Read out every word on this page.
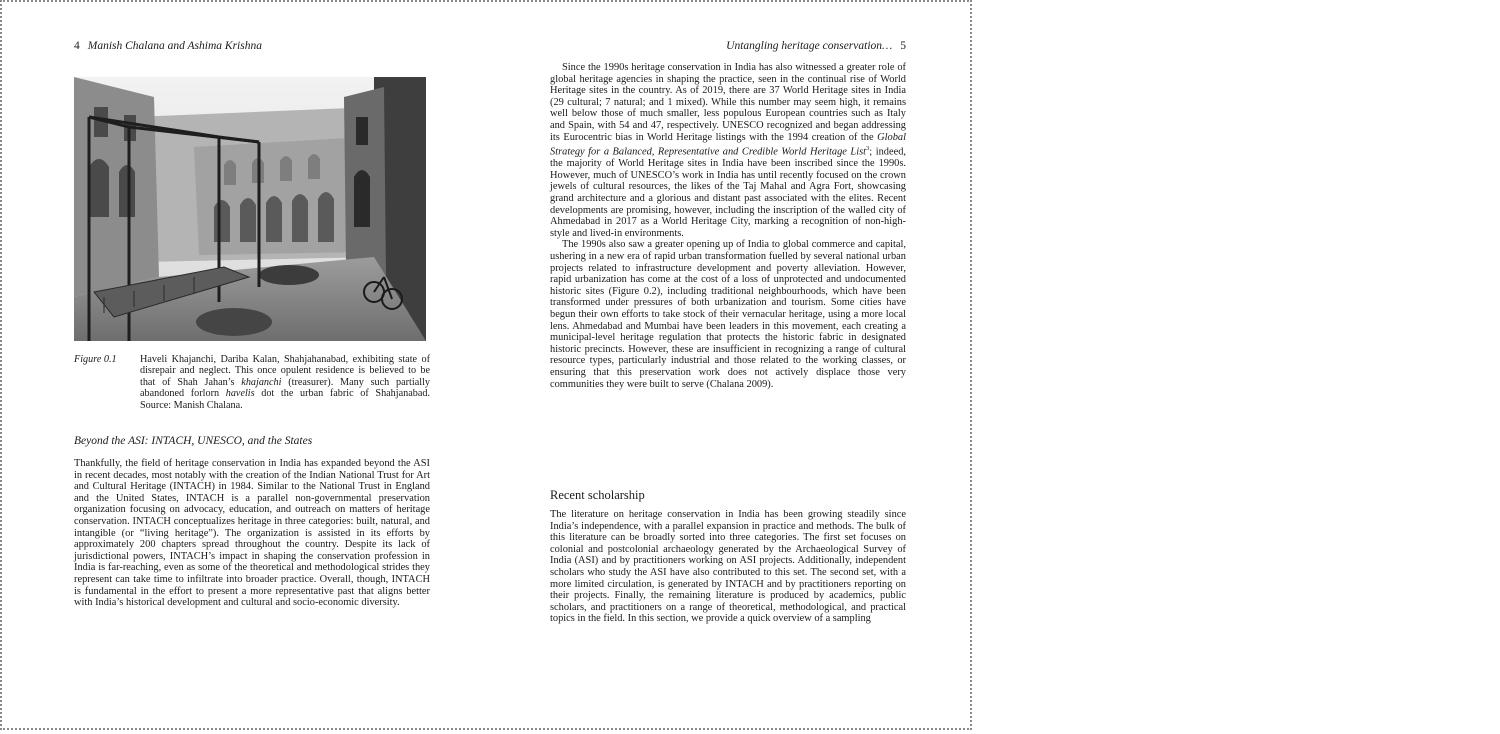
4 Manish Chalana and Ashima Krishna
Figure 0.1	Haveli Khajanchi, Dariba Kalan, Shahjahanabad, exhibiting state of disrepair and neglect. This once opulent residence is believed to be that of Shah Jahan’s khajanchi (treasurer). Many such partially abandoned forlorn havelis dot the urban fabric of Shahjanabad. Source: Manish Chalana.
Beyond the ASI: INTACH, UNESCO, and the States

Thankfully, the field of heritage conservation in India has expanded beyond the ASI in recent decades, most notably with the creation of the Indian National Trust for Art and Cultural Heritage (INTACH) in 1984. Similar to the National Trust in England and the United States, INTACH is a parallel non-governmental preservation organization focusing on advocacy, education, and outreach on matters of heritage conservation. INTACH conceptualizes heritage in three categories: built, natural, and intangible (or “living heritage”). The organization is assisted in its efforts by approximately 200 chapters spread throughout the country. Despite its lack of jurisdictional powers, INTACH’s impact in shaping the conservation profession in India is far-reaching, even as some of the theoretical and methodological strides they represent can take time to infiltrate into broader practice. Overall, though, INTACH is fundamental in the effort to present a more representative past that aligns better with India’s historical development and cultural and socio-economic diversity.

Untangling heritage conservation… 5

Since the 1990s heritage conservation in India has also witnessed a greater role of global heritage agencies in shaping the practice, seen in the continual rise of World Heritage sites in the country. As of 2019, there are 37 World Heritage sites in India (29 cultural; 7 natural; and 1 mixed). While this number may seem high, it remains well below those of much smaller, less populous European countries such as Italy and Spain, with 54 and 47, respectively. UNESCO recognized and began addressing its Eurocentric bias in World Heritage listings with the 1994 creation of the Global Strategy for a Balanced, Representative and Credible World Heritage List$^3$; indeed, the majority of World Heritage sites in India have been inscribed since the 1990s. However, much of UNESCO’s work in India has until recently focused on the crown jewels of cultural resources, the likes of the Taj Mahal and Agra Fort, showcasing grand architecture and a glorious and distant past associated with the elites. Recent developments are promising, however, including the inscription of the walled city of Ahmedabad in 2017 as a World Heritage City, marking a recognition of non-high-style and lived-in environments.

The 1990s also saw a greater opening up of India to global commerce and capital, ushering in a new era of rapid urban transformation fuelled by several national urban projects related to infrastructure development and poverty alleviation. However, rapid urbanization has come at the cost of a loss of unprotected and undocumented historic sites (Figure 0.2), including traditional neighbourhoods, which have been transformed under pressures of both urbanization and tourism. Some cities have begun their own efforts to take stock of their vernacular heritage, using a more local lens. Ahmedabad and Mumbai have been leaders in this movement, each creating a municipal-level heritage regulation that protects the historic fabric in designated historic precincts. However, these are insufficient in recognizing a range of cultural resource types, particularly industrial and those related to the working classes, or ensuring that this preservation work does not actively displace those very communities they were built to serve (Chalana 2009).

Recent scholarship

The literature on heritage conservation in India has been growing steadily since India’s independence, with a parallel expansion in practice and methods. The bulk of this literature can be broadly sorted into three categories. The first set focuses on colonial and postcolonial archaeology generated by the Archaeological Survey of India (ASI) and by practitioners working on ASI projects. Additionally, independent scholars who study the ASI have also contributed to this set. The second set, with a more limited circulation, is generated by INTACH and by practitioners reporting on their projects. Finally, the remaining literature is produced by academics, public scholars, and practitioners on a range of theoretical, methodological, and practical topics in the field. In this section, we provide a quick overview of a sampling
